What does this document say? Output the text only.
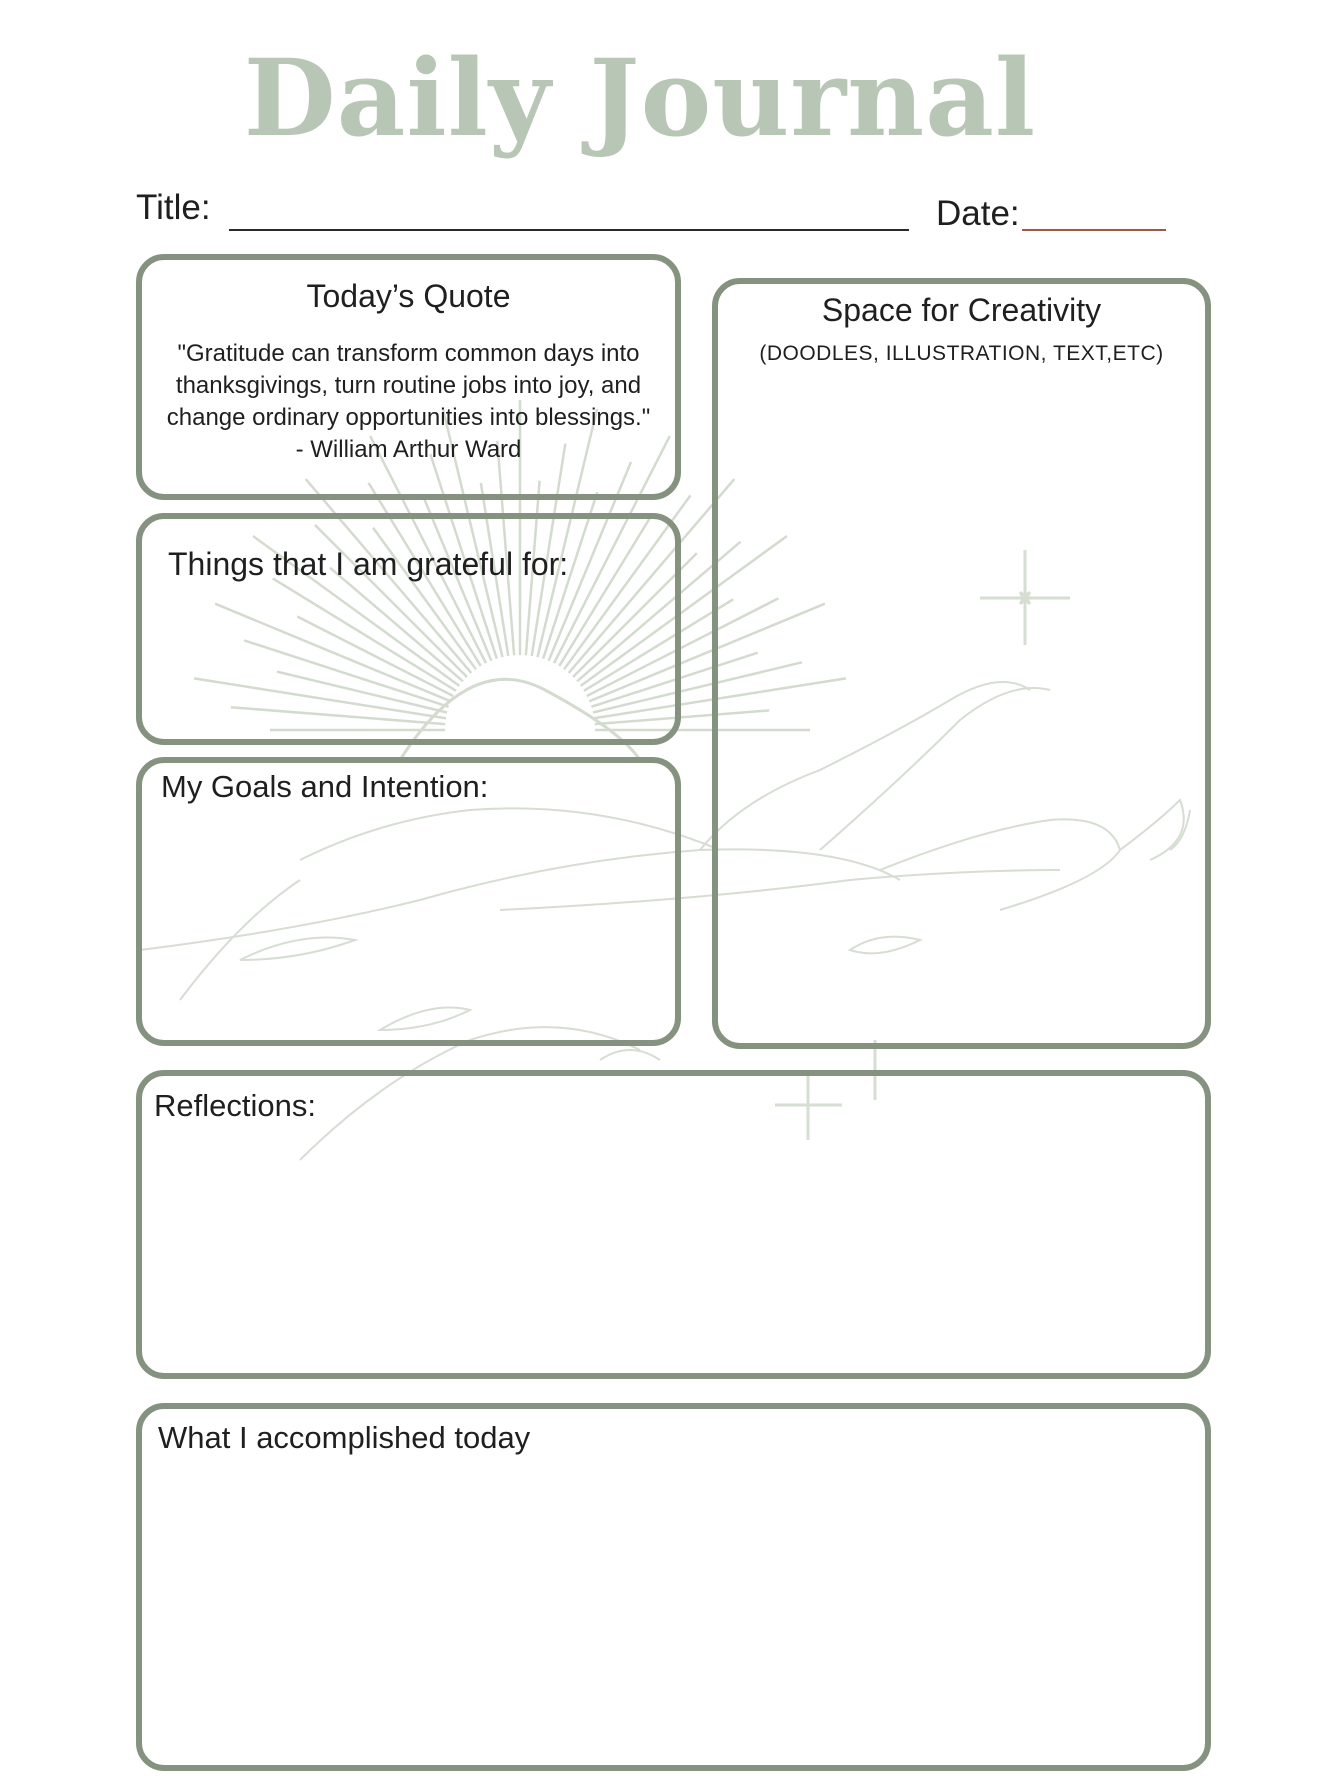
Daily Journal
Title:	Date:
Today’s Quote
"Gratitude can transform common days into thanksgivings, turn routine jobs into joy, and change ordinary opportunities into blessings."
- William Arthur Ward
Space for Creativity
(DOODLES, ILLUSTRATION, TEXT,ETC)
Things that I am grateful for:
My Goals and Intention:
Reflections:
What I accomplished today
